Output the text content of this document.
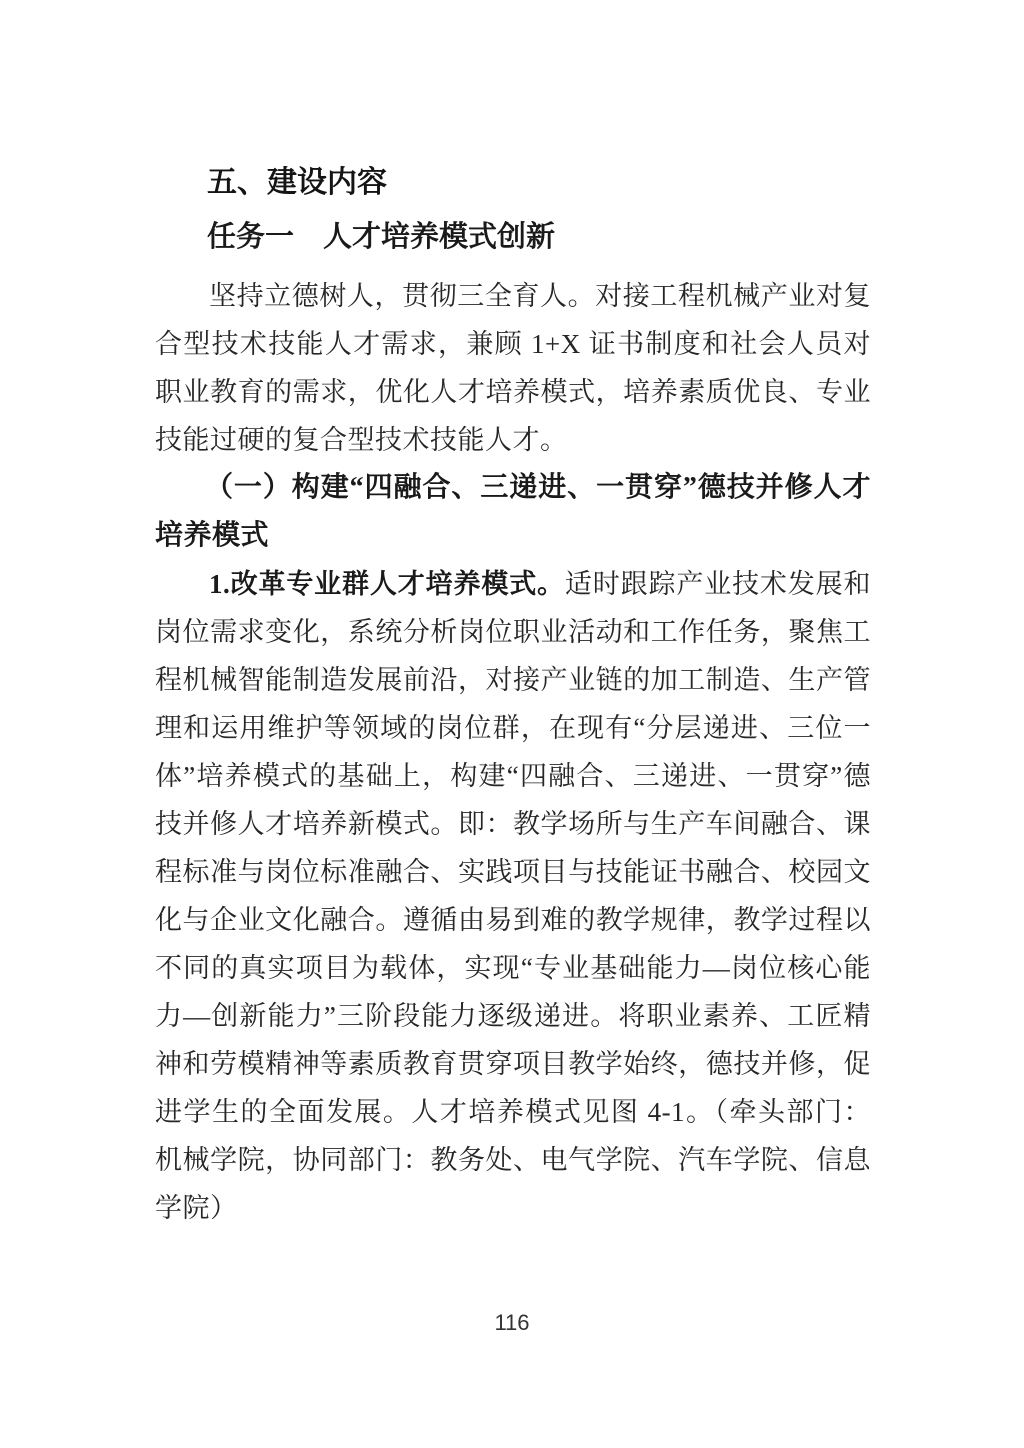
五、建设内容

任务一　人才培养模式创新

坚持立德树人，贯彻三全育人。对接工程机械产业对复合型技术技能人才需求，兼顾 1+X 证书制度和社会人员对职业教育的需求，优化人才培养模式，培养素质优良、专业技能过硬的复合型技术技能人才。

（一）构建“四融合、三递进、一贯穿”德技并修人才培养模式

1.改革专业群人才培养模式。适时跟踪产业技术发展和岗位需求变化，系统分析岗位职业活动和工作任务，聚焦工程机械智能制造发展前沿，对接产业链的加工制造、生产管理和运用维护等领域的岗位群，在现有“分层递进、三位一体”培养模式的基础上，构建“四融合、三递进、一贯穿”德技并修人才培养新模式。即：教学场所与生产车间融合、课程标准与岗位标准融合、实践项目与技能证书融合、校园文化与企业文化融合。遵循由易到难的教学规律，教学过程以不同的真实项目为载体，实现“专业基础能力—岗位核心能力—创新能力”三阶段能力逐级递进。将职业素养、工匠精神和劳模精神等素质教育贯穿项目教学始终，德技并修，促进学生的全面发展。人才培养模式见图 4-1。（牵头部门：机械学院，协同部门：教务处、电气学院、汽车学院、信息学院）

116
